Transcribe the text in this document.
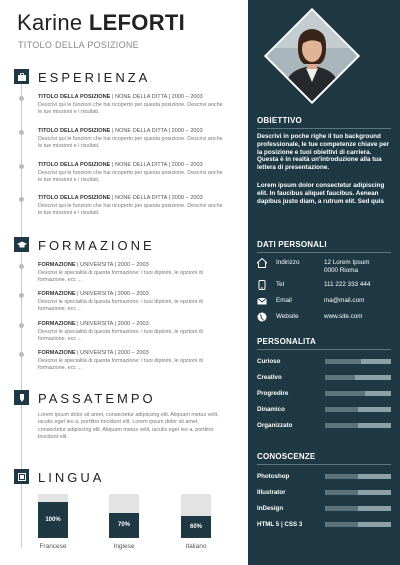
Karine LEFORTI
TITOLO DELLA POSIZIONE
ESPERIENZA
TITOLO DELLA POSIZIONE | NONE DELLA DITTA | 2000 – 2003
Descrivi qui le funzioni che hai ricoperto per questa posizione. Descrivi anche le tue missioni e i risultati.
TITOLO DELLA POSIZIONE | NONE DELLA DITTA | 2000 – 2003
Descrivi qui le funzioni che hai ricoperto per questa posizione. Descrivi anche le tue missioni e i risultati.
TITOLO DELLA POSIZIONE | NONE DELLA DITTA | 2000 – 2003
Descrivi qui le funzioni che hai ricoperto per questa posizione. Descrivi anche le tue missioni e i risultati.
TITOLO DELLA POSIZIONE | NONE DELLA DITTA | 2000 – 2003
Descrivi qui le funzioni che hai ricoperto per questa posizione. Descrivi anche le tue missioni e i risultati.
FORMAZIONE
FORMAZIONE | UNIVERSITA | 2000 – 2003
Descrivi le specialità di questa formazione: i tuoi diplomi, le opzioni di formazione, ecc ...
FORMAZIONE | UNIVERSITA | 2000 – 2003
Descrivi le specialità di questa formazione: i tuoi diplomi, le opzioni di formazione, ecc ...
FORMAZIONE | UNIVERSITA | 2000 – 2003
Descrivi le specialità di questa formazione: i tuoi diplomi, le opzioni di formazione, ecc ...
FORMAZIONE | UNIVERSITA | 2000 – 2003
Descrivi le specialità di questa formazione: i tuoi diplomi, le opzioni di formazione, ecc ...
PASSATEMPO
Lorem ipsum dolor sit amet, consectetur adipiscing elit. Aliquam metus velit, iaculis eget leo a, porttitor tincidunt elit. Lorem ipsum dolor sit amet, consectetur adipiscing elit. Aliquam metus velit, iaculis eget leo a, porttitor tincidunt elit.
LINGUA
100%
Francese
70%
Inglese
60%
Italiano
OBIETTIVO
Descrivi in poche righe il tuo background professionale, le tue competenze chiave per la posizione e tuoi obiettivi di carriera. Questa è in realtà un'introduzione alla tua lettera di presentazione.
Lorem ipsum dolor consectetur adipiscing elit. In faucibus aliquet faucibus. Aenean dapibus justo diam, a rutrum elit. Sed quis
DATI PERSONALI
Indirizzo	12 Lorem Ipsum
0000 Rioma
Tel	111 222 333 444
Email	ma@mail.com
Website	www.site.com
PERSONALITA
Curioso
Creativo
Progredire
Dinamico
Organizzato
CONOSCENZE
Photoshop
Illustrator
InDesign
HTML 5 | CSS 3
